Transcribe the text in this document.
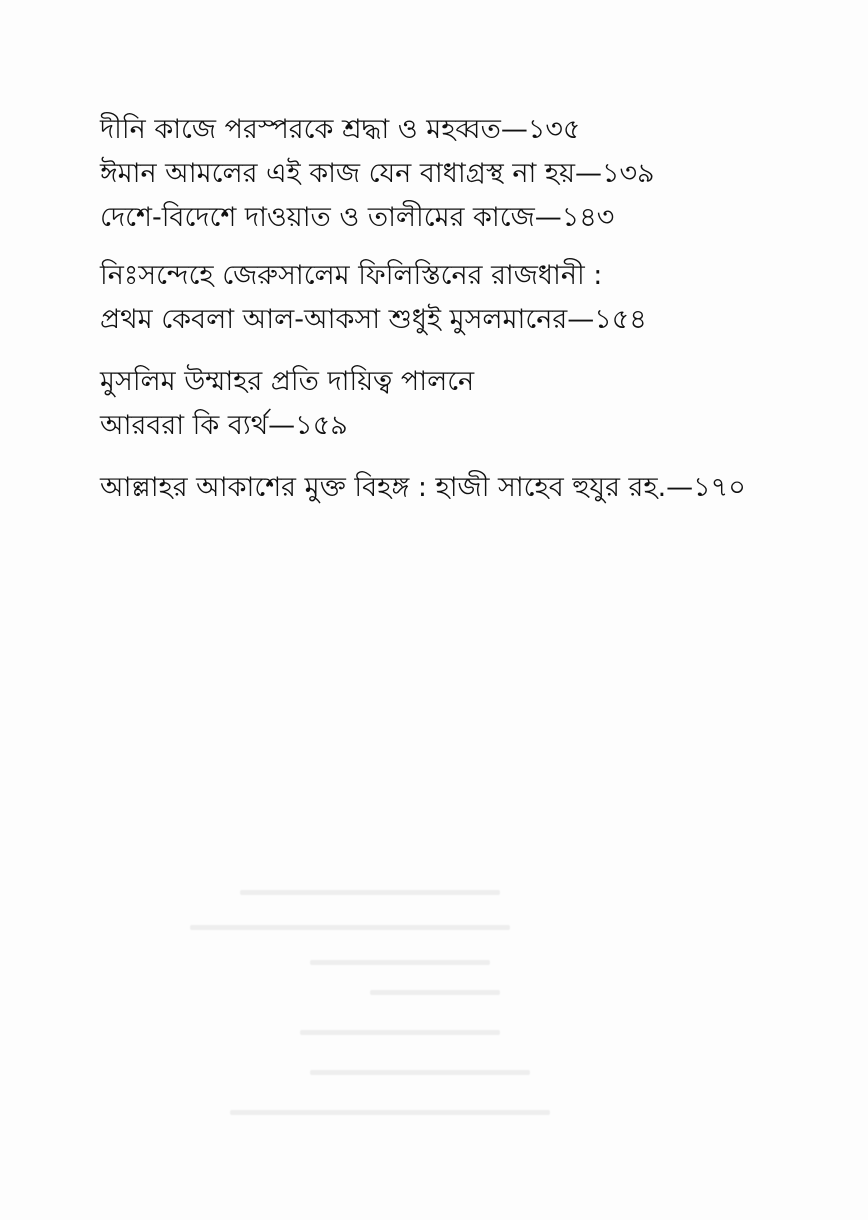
দীনি কাজে পরস্পরকে শ্রদ্ধা ও মহব্বত—১৩৫
ঈমান আমলের এই কাজ যেন বাধাগ্রস্থ না হয়—১৩৯
দেশে-বিদেশে দাওয়াত ও তালীমের কাজে—১৪৩
নিঃসন্দেহে জেরুসালেম ফিলিস্তিনের রাজধানী :
প্রথম কেবলা আল-আকসা শুধুই মুসলমানের—১৫৪
মুসলিম উম্মাহর প্রতি দায়িত্ব পালনে
আরবরা কি ব্যর্থ—১৫৯
আল্লাহর আকাশের মুক্ত বিহঙ্গ : হাজী সাহেব হুযুর রহ.—১৭০
